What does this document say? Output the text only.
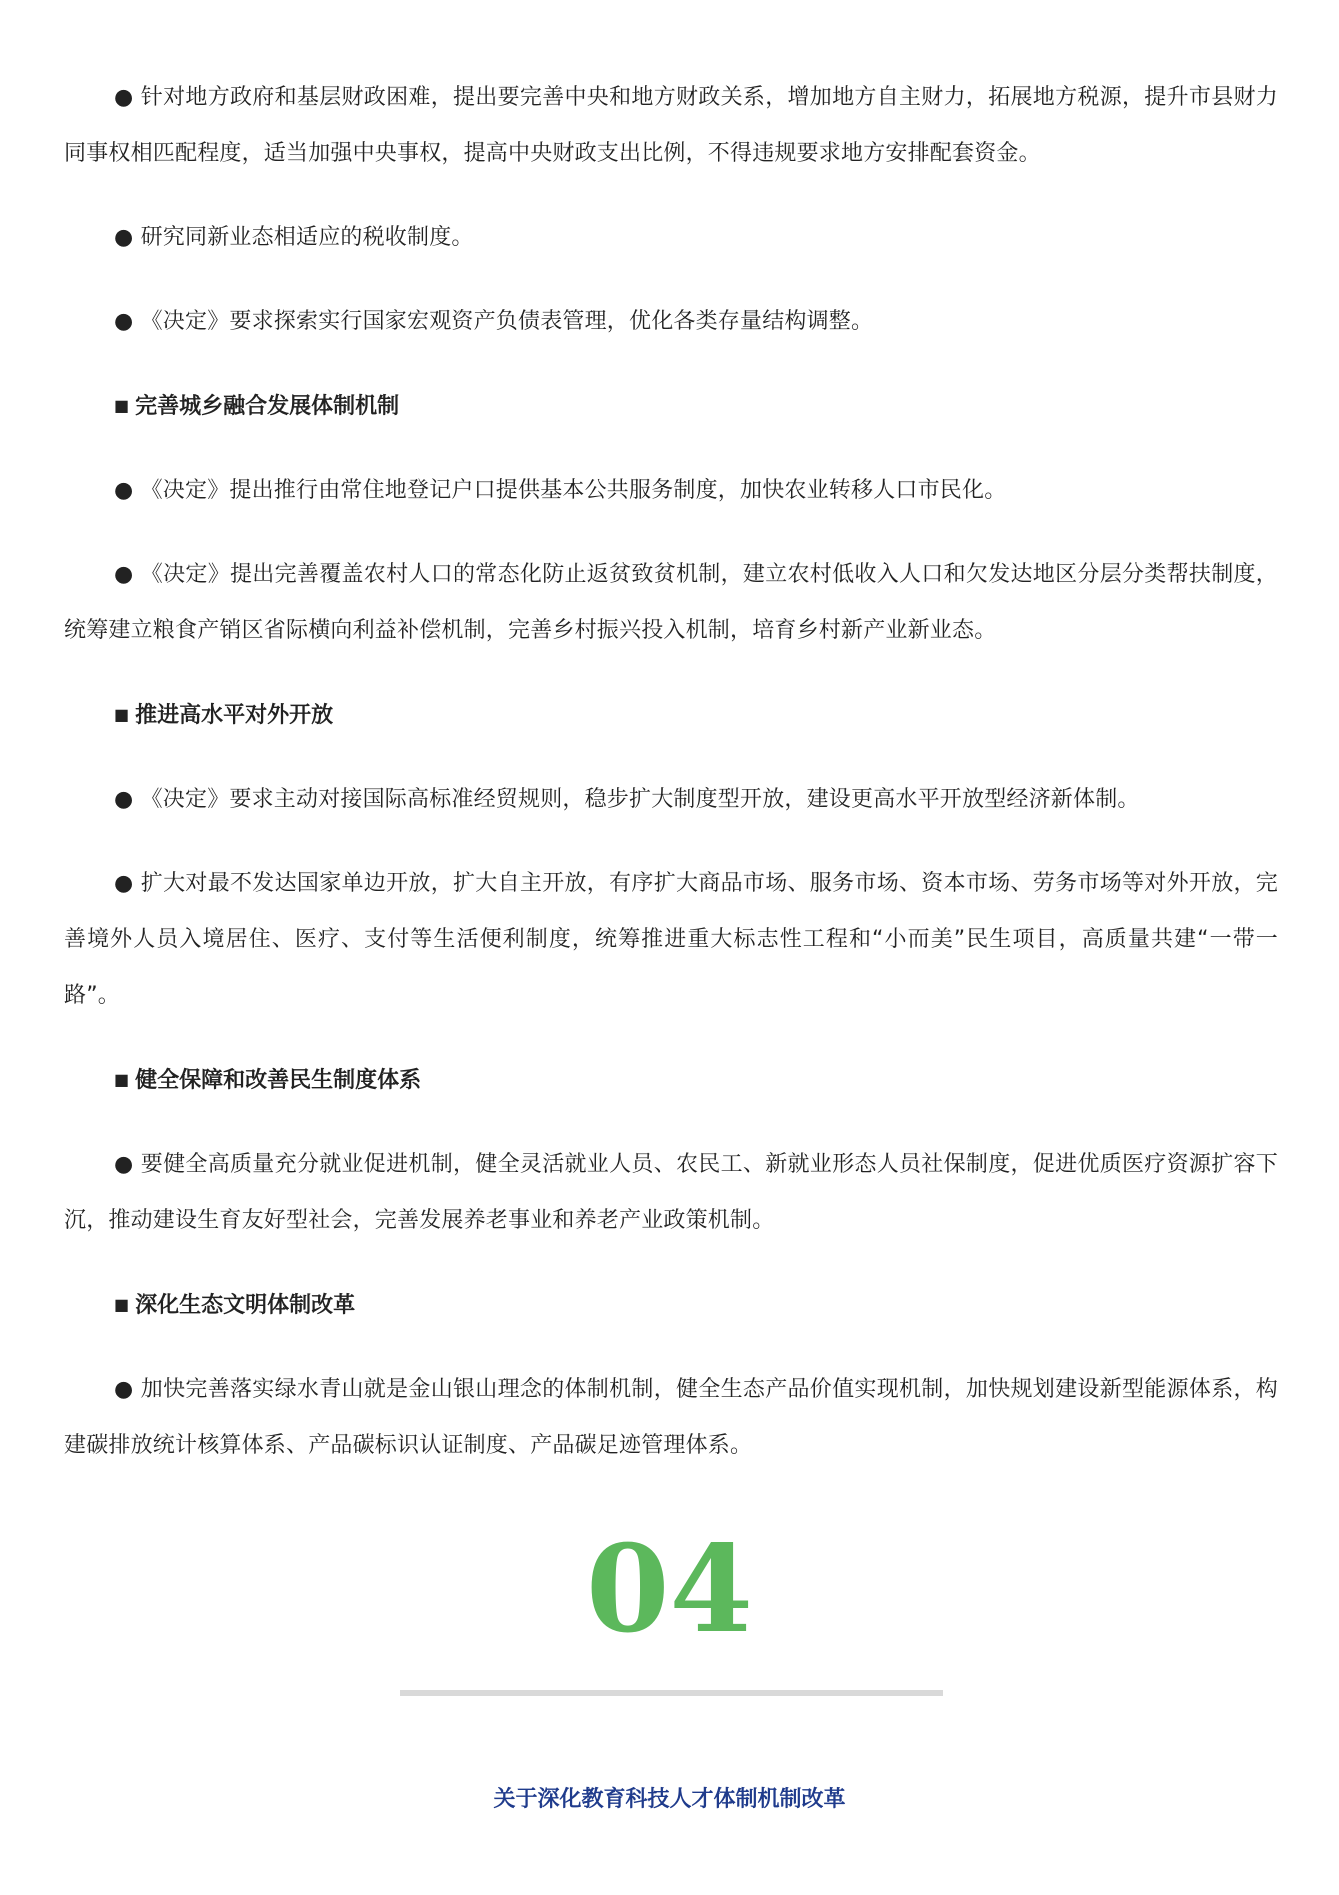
● 针对地方政府和基层财政困难，提出要完善中央和地方财政关系，增加地方自主财力，拓展地方税源，提升市县财力同事权相匹配程度，适当加强中央事权，提高中央财政支出比例，不得违规要求地方安排配套资金。

● 研究同新业态相适应的税收制度。

● 《决定》要求探索实行国家宏观资产负债表管理，优化各类存量结构调整。

■ 完善城乡融合发展体制机制

● 《决定》提出推行由常住地登记户口提供基本公共服务制度，加快农业转移人口市民化。

● 《决定》提出完善覆盖农村人口的常态化防止返贫致贫机制，建立农村低收入人口和欠发达地区分层分类帮扶制度，统筹建立粮食产销区省际横向利益补偿机制，完善乡村振兴投入机制，培育乡村新产业新业态。

■ 推进高水平对外开放

● 《决定》要求主动对接国际高标准经贸规则，稳步扩大制度型开放，建设更高水平开放型经济新体制。

● 扩大对最不发达国家单边开放，扩大自主开放，有序扩大商品市场、服务市场、资本市场、劳务市场等对外开放，完善境外人员入境居住、医疗、支付等生活便利制度，统筹推进重大标志性工程和“小而美”民生项目，高质量共建“一带一路”。

■ 健全保障和改善民生制度体系

● 要健全高质量充分就业促进机制，健全灵活就业人员、农民工、新就业形态人员社保制度，促进优质医疗资源扩容下沉，推动建设生育友好型社会，完善发展养老事业和养老产业政策机制。

■ 深化生态文明体制改革

● 加快完善落实绿水青山就是金山银山理念的体制机制，健全生态产品价值实现机制，加快规划建设新型能源体系，构建碳排放统计核算体系、产品碳标识认证制度、产品碳足迹管理体系。

04
关于深化教育科技人才体制机制改革
